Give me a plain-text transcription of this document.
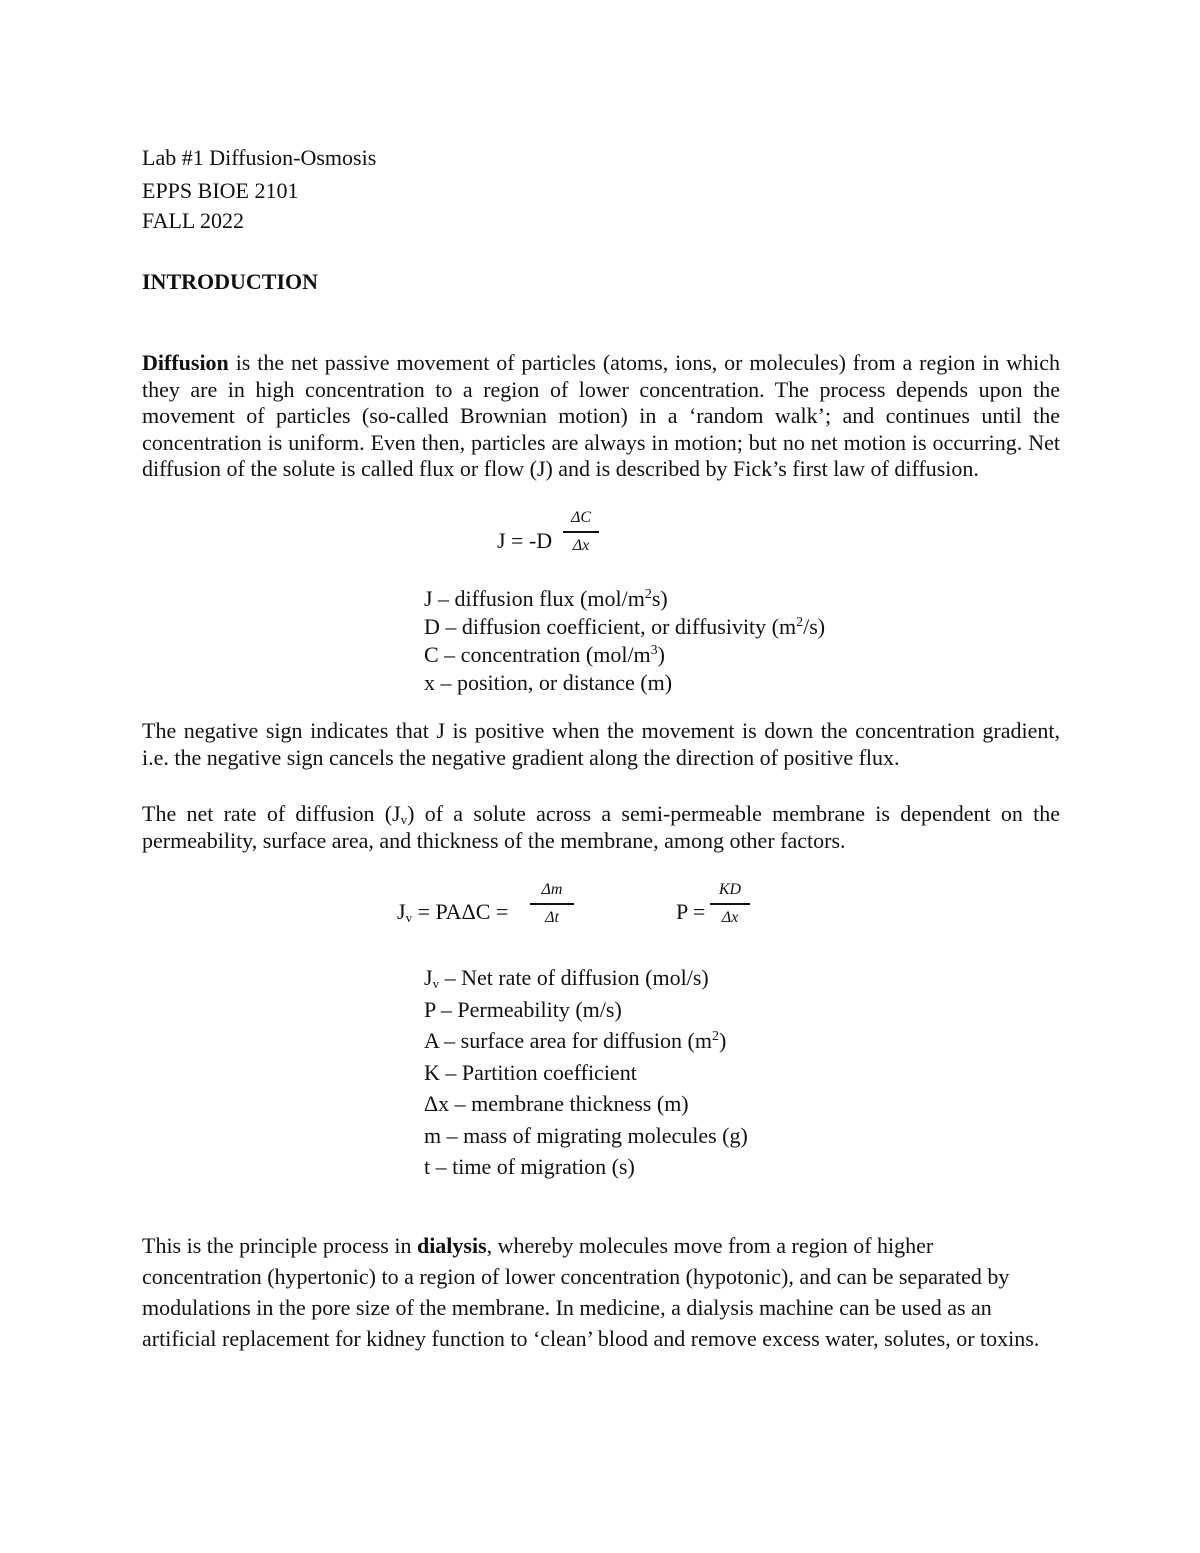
Lab #1 Diffusion-Osmosis
EPPS BIOE 2101
FALL 2022
INTRODUCTION
Diffusion is the net passive movement of particles (atoms, ions, or molecules) from a region in which they are in high concentration to a region of lower concentration. The process depends upon the movement of particles (so-called Brownian motion) in a ‘random walk’; and continues until the concentration is uniform. Even then, particles are always in motion; but no net motion is occurring. Net diffusion of the solute is called flux or flow (J) and is described by Fick’s first law of diffusion.
$J = -D \frac{\Delta C}{\Delta x}$
J – diffusion flux $(mol/m^2s)$
D – diffusion coefficient, or diffusivity $(m^2/s)$
C – concentration $(mol/m^3)$
x – position, or distance (m)
The negative sign indicates that J is positive when the movement is down the concentration gradient, i.e. the negative sign cancels the negative gradient along the direction of positive flux.
The net rate of diffusion $(J_v)$ of a solute across a semi-permeable membrane is dependent on the permeability, surface area, and thickness of the membrane, among other factors.
$J_v = PA\Delta C = \frac{\Delta m}{\Delta t}$	$P = \frac{KD}{\Delta x}$
$J_v$ – Net rate of diffusion (mol/s)
P – Permeability (m/s)
A – surface area for diffusion $(m^2)$
K – Partition coefficient
Δx – membrane thickness (m)
m – mass of migrating molecules (g)
t – time of migration (s)
This is the principle process in dialysis, whereby molecules move from a region of higher concentration (hypertonic) to a region of lower concentration (hypotonic), and can be separated by modulations in the pore size of the membrane. In medicine, a dialysis machine can be used as an artificial replacement for kidney function to ‘clean’ blood and remove excess water, solutes, or toxins.
